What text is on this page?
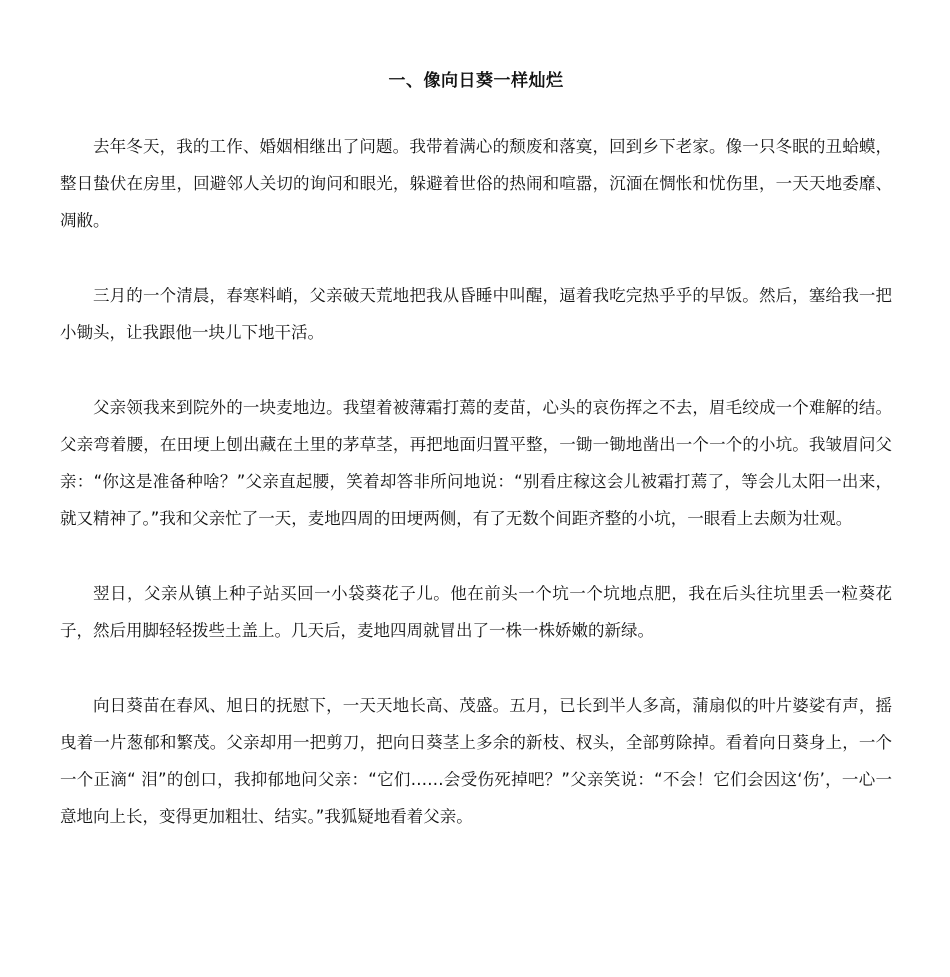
一、像向日葵一样灿烂

去年冬天，我的工作、婚姻相继出了问题。我带着满心的颓废和落寞，回到乡下老家。像一只冬眠的丑蛤蟆，整日蛰伏在房里，回避邻人关切的询问和眼光，躲避着世俗的热闹和喧嚣，沉湎在惆怅和忧伤里，一天天地委靡、凋敝。

三月的一个清晨，春寒料峭，父亲破天荒地把我从昏睡中叫醒，逼着我吃完热乎乎的早饭。然后，塞给我一把小锄头，让我跟他一块儿下地干活。

父亲领我来到院外的一块麦地边。我望着被薄霜打蔫的麦苗，心头的哀伤挥之不去，眉毛绞成一个难解的结。父亲弯着腰，在田埂上刨出藏在土里的茅草茎，再把地面归置平整，一锄一锄地凿出一个一个的小坑。我皱眉问父亲：“你这是准备种啥？”父亲直起腰，笑着却答非所问地说：“别看庄稼这会儿被霜打蔫了，等会儿太阳一出来，就又精神了。”我和父亲忙了一天，麦地四周的田埂两侧，有了无数个间距齐整的小坑，一眼看上去颇为壮观。

翌日，父亲从镇上种子站买回一小袋葵花子儿。他在前头一个坑一个坑地点肥，我在后头往坑里丢一粒葵花子，然后用脚轻轻拨些土盖上。几天后，麦地四周就冒出了一株一株娇嫩的新绿。

向日葵苗在春风、旭日的抚慰下，一天天地长高、茂盛。五月，已长到半人多高，蒲扇似的叶片婆娑有声，摇曳着一片葱郁和繁茂。父亲却用一把剪刀，把向日葵茎上多余的新枝、杈头，全部剪除掉。看着向日葵身上，一个一个正滴“ 泪”的创口，我抑郁地问父亲：“它们……会受伤死掉吧？”父亲笑说：“不会！它们会因这‘伤’，一心一意地向上长，变得更加粗壮、结实。”我狐疑地看着父亲。
